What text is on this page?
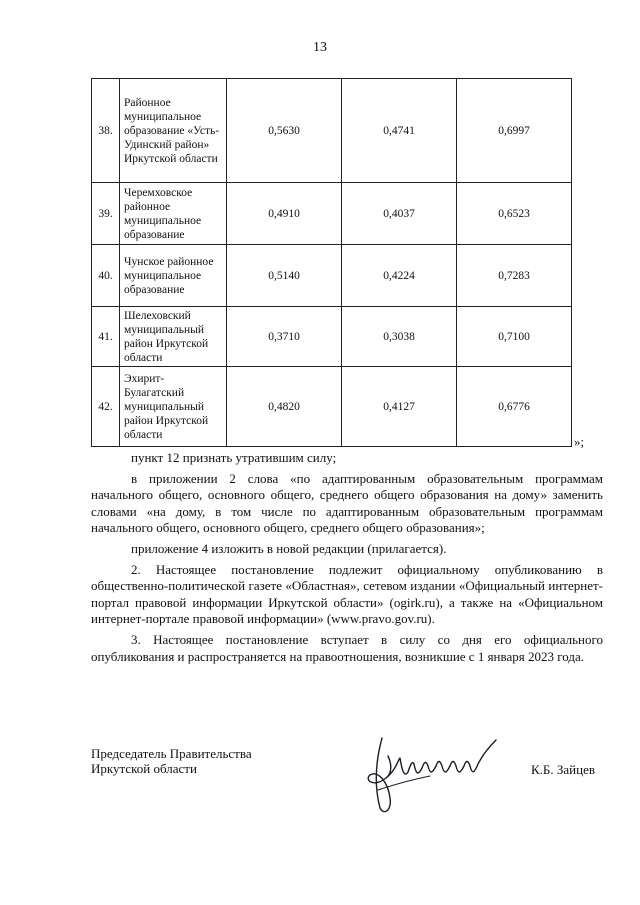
13
38.	Районное муниципальное образование «Усть-Удинский район» Иркутской области	0,5630	0,4741	0,6997
39.	Черемховское районное муниципальное образование	0,4910	0,4037	0,6523
40.	Чунское районное муниципальное образование	0,5140	0,4224	0,7283
41.	Шелеховский муниципальный район Иркутской области	0,3710	0,3038	0,7100
42.	Эхирит-Булагатский муниципальный район Иркутской области	0,4820	0,4127	0,6776
»;

пункт 12 признать утратившим силу;

в приложении 2 слова «по адаптированным образовательным программам начального общего, основного общего, среднего общего образования на дому» заменить словами «на дому, в том числе по адаптированным образовательным программам начального общего, основного общего, среднего общего образования»;

приложение 4 изложить в новой редакции (прилагается).

2. Настоящее постановление подлежит официальному опубликованию в общественно-политической газете «Областная», сетевом издании «Официальный интернет-портал правовой информации Иркутской области» (ogirk.ru), а также на «Официальном интернет-портале правовой информации» (www.pravo.gov.ru).

3. Настоящее постановление вступает в силу со дня его официального опубликования и распространяется на правоотношения, возникшие с 1 января 2023 года.

Председатель Правительства
Иркутской области	К.Б. Зайцев
